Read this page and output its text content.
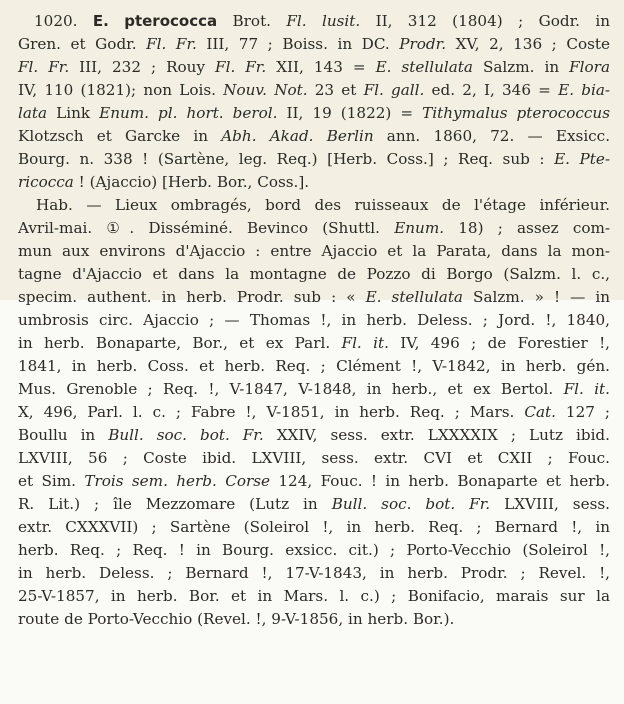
1020. E. pterococca Brot. Fl. lusit. II, 312 (1804) ; Godr. in
Gren. et Godr. Fl. Fr. III, 77 ; Boiss. in DC. Prodr. XV, 2, 136 ; Coste
Fl. Fr. III, 232 ; Rouy Fl. Fr. XII, 143 = E. stellulata Salzm. in Flora
IV, 110 (1821); non Lois. Nouv. Not. 23 et Fl. gall. ed. 2, I, 346 = E. bia-
lata Link Enum. pl. hort. berol. II, 19 (1822) = Tithymalus pterococcus
Klotzsch et Garcke in Abh. Akad. Berlin ann. 1860, 72. — Exsicc.
Bourg. n. 338 ! (Sartène, leg. Req.) [Herb. Coss.] ; Req. sub : E. Pte-
ricocca ! (Ajaccio) [Herb. Bor., Coss.].
Hab. — Lieux ombragés, bord des ruisseaux de l'étage inférieur.
Avril-mai. ①. Disséminé. Bevinco (Shuttl. Enum. 18) ; assez com-
mun aux environs d'Ajaccio : entre Ajaccio et la Parata, dans la mon-
tagne d'Ajaccio et dans la montagne de Pozzo di Borgo (Salzm. l. c.,
specim. authent. in herb. Prodr. sub : « E. stellulata Salzm. » ! — in
umbrosis circ. Ajaccio ; — Thomas !, in herb. Deless. ; Jord. !, 1840,
in herb. Bonaparte, Bor., et ex Parl. Fl. it. IV, 496 ; de Forestier !,
1841, in herb. Coss. et herb. Req. ; Clément !, V-1842, in herb. gén.
Mus. Grenoble ; Req. !, V-1847, V-1848, in herb., et ex Bertol. Fl. it.
X, 496, Parl. l. c. ; Fabre !, V-1851, in herb. Req. ; Mars. Cat. 127 ;
Boullu in Bull. soc. bot. Fr. XXIV, sess. extr. LXXXXIX ; Lutz ibid.
LXVIII, 56 ; Coste ibid. LXVIII, sess. extr. CVI et CXII ; Fouc.
et Sim. Trois sem. herb. Corse 124, Fouc. ! in herb. Bonaparte et herb.
R. Lit.) ; île Mezzomare (Lutz in Bull. soc. bot. Fr. LXVIII, sess.
extr. CXXXVII) ; Sartène (Soleirol !, in herb. Req. ; Bernard !, in
herb. Req. ; Req. ! in Bourg. exsicc. cit.) ; Porto-Vecchio (Soleirol !,
in herb. Deless. ; Bernard !, 17-V-1843, in herb. Prodr. ; Revel. !,
25-V-1857, in herb. Bor. et in Mars. l. c.) ; Bonifacio, marais sur la
route de Porto-Vecchio (Revel. !, 9-V-1856, in herb. Bor.).
